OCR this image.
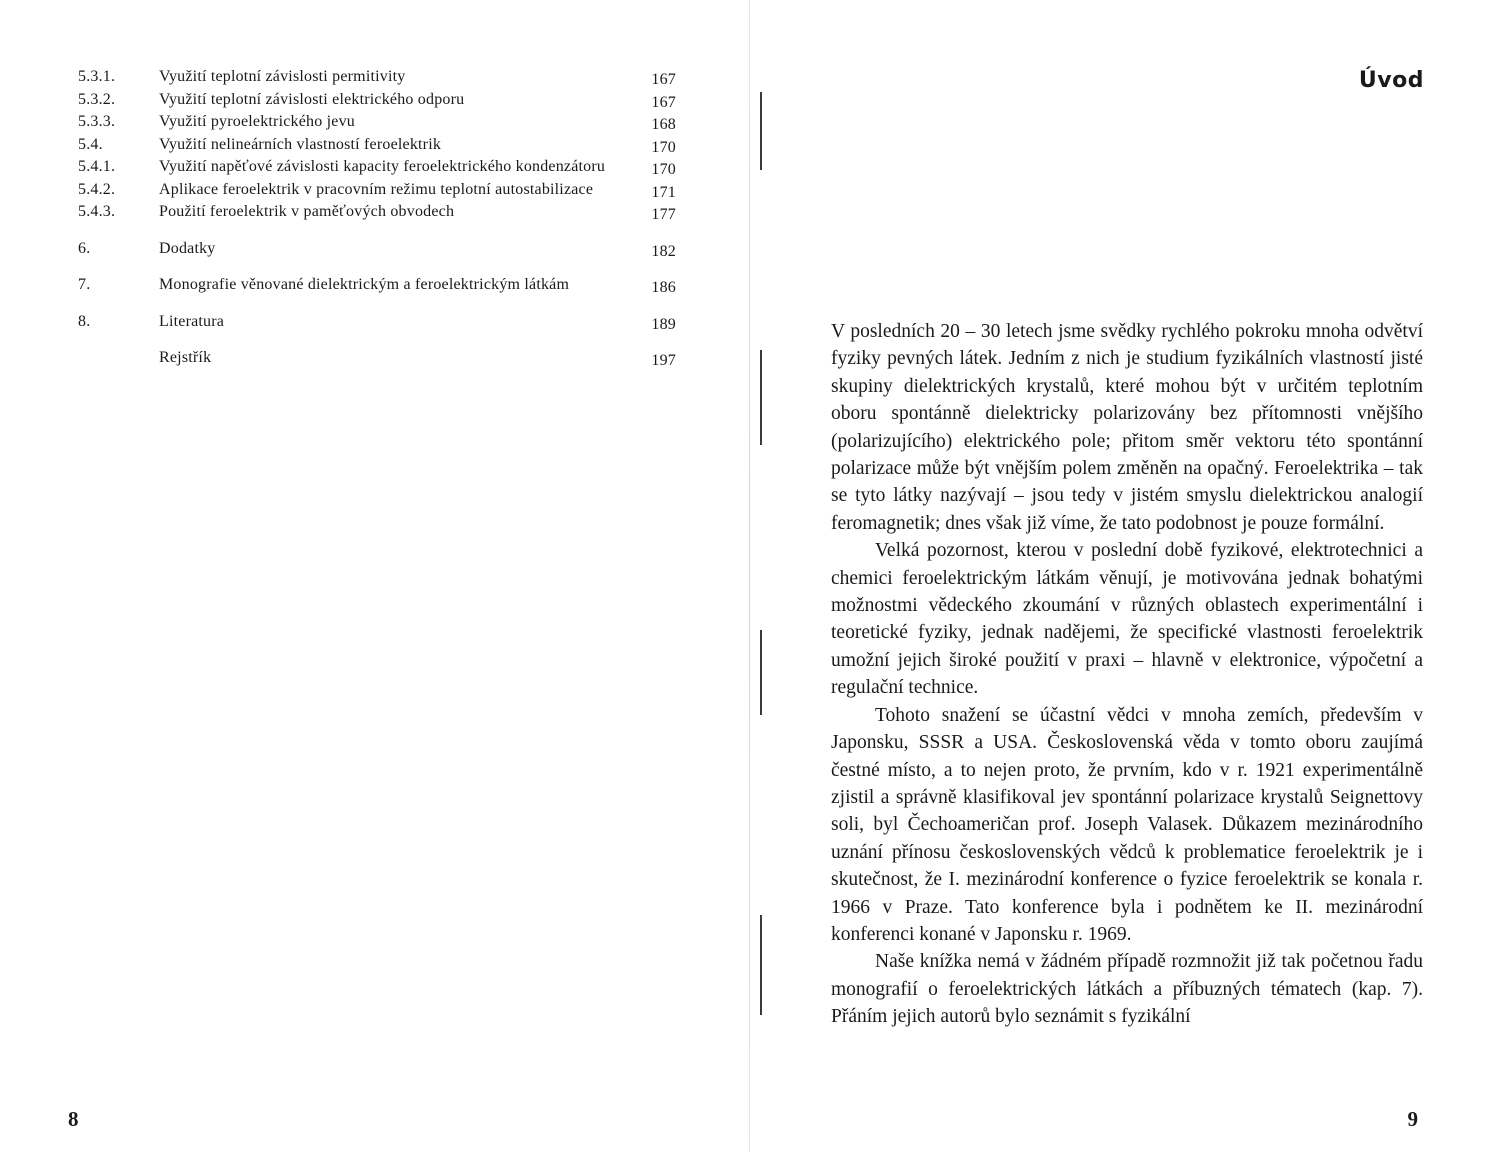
5.3.1.	Využití teplotní závislosti permitivity	167
5.3.2.	Využití teplotní závislosti elektrického odporu	167
5.3.3.	Využití pyroelektrického jevu	168
5.4.	Využití nelineárních vlastností feroelektrik	170
5.4.1.	Využití napěťové závislosti kapacity feroelektrického kondenzátoru	170
5.4.2.	Aplikace feroelektrik v pracovním režimu teplotní autostabilizace	171
5.4.3.	Použití feroelektrik v paměťových obvodech	177
6.	Dodatky	182
7.	Monografie věnované dielektrickým a feroelektrickým látkám	186
8.	Literatura	189
Rejstřík	197
8
Úvod

V posledních 20 – 30 letech jsme svědky rychlého pokroku mnoha odvětví fyziky pevných látek. Jedním z nich je studium fyzikálních vlastností jisté skupiny dielektrických krystalů, které mohou být v určitém teplotním oboru spontánně dielektricky polarizovány bez přítomnosti vnějšího (polarizujícího) elektrického pole; přitom směr vektoru této spontánní polarizace může být vnějším polem změněn na opačný. Feroelektrika – tak se tyto látky nazývají – jsou tedy v jistém smyslu dielektrickou analogií feromagnetik; dnes však již víme, že tato podobnost je pouze formální.

Velká pozornost, kterou v poslední době fyzikové, elektrotechnici a chemici feroelektrickým látkám věnují, je motivována jednak bohatými možnostmi vědeckého zkoumání v různých oblastech experimentální i teoretické fyziky, jednak nadějemi, že specifické vlastnosti feroelektrik umožní jejich široké použití v praxi – hlavně v elektronice, výpočetní a regulační technice.

Tohoto snažení se účastní vědci v mnoha zemích, především v Japonsku, SSSR a USA. Československá věda v tomto oboru zaujímá čestné místo, a to nejen proto, že prvním, kdo v r. 1921 experimentálně zjistil a správně klasifikoval jev spontánní polarizace krystalů Seignettovy soli, byl Čechoameričan prof. Joseph Valasek. Důkazem mezinárodního uznání přínosu československých vědců k problematice feroelektrik je i skutečnost, že I. mezinárodní konference o fyzice feroelektrik se konala r. 1966 v Praze. Tato konference byla i podnětem ke II. mezinárodní konferenci konané v Japonsku r. 1969.

Naše knížka nemá v žádném případě rozmnožit již tak početnou řadu monografií o feroelektrických látkách a příbuzných tématech (kap. 7). Přáním jejich autorů bylo seznámit s fyzikální

9
